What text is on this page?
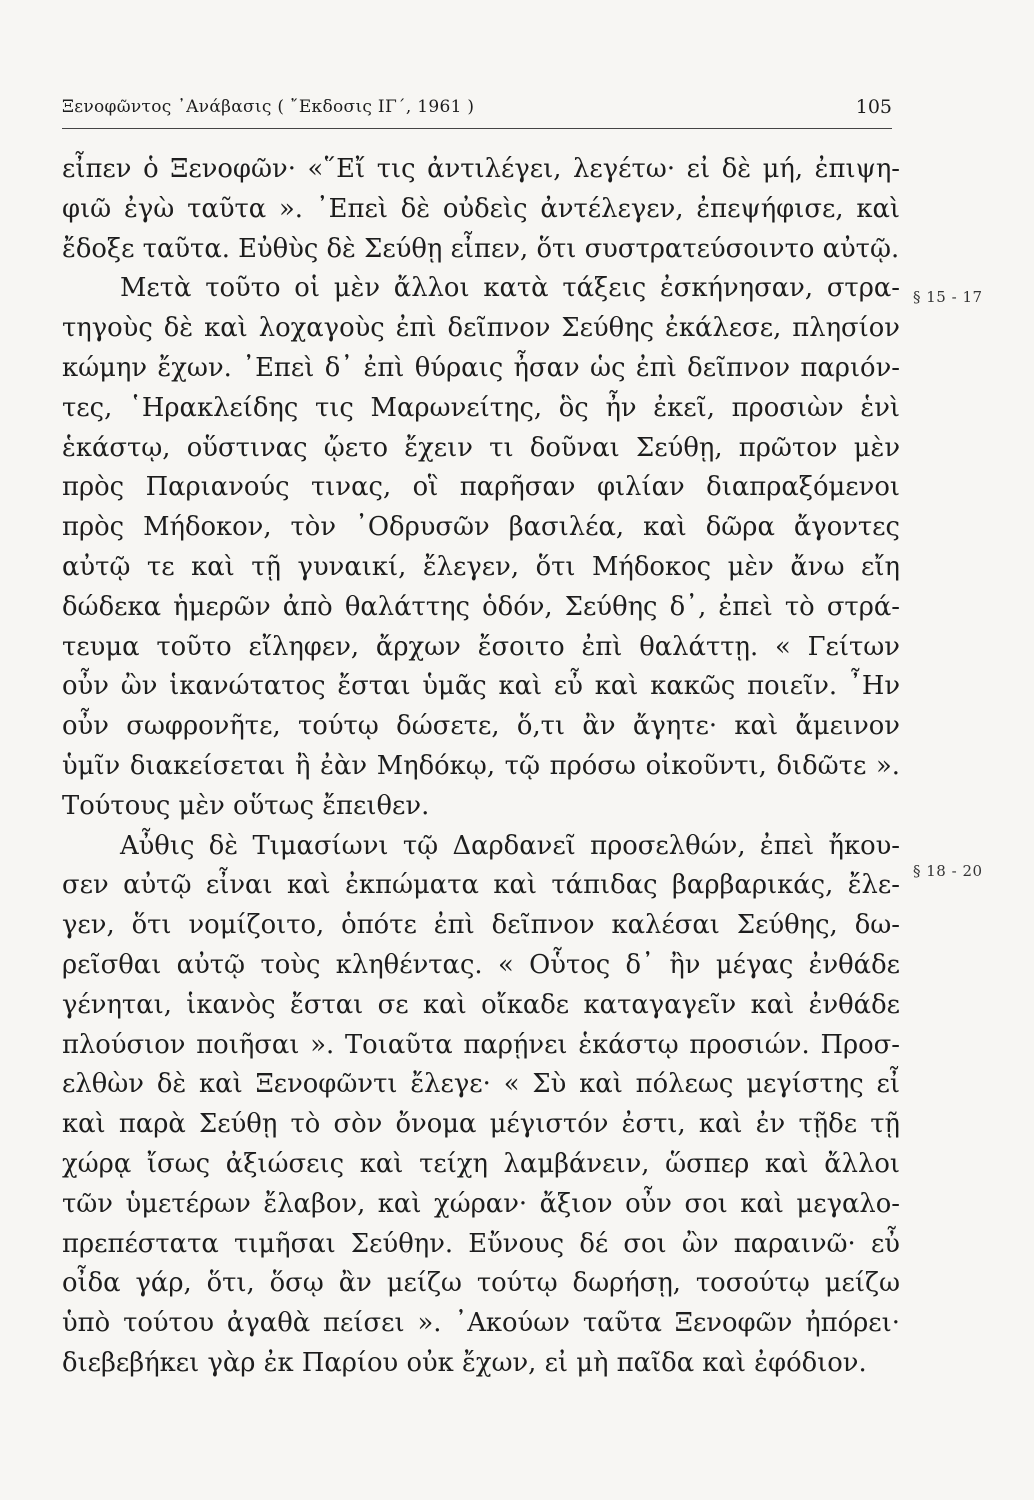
Ξενοφῶντος ᾿Ανάβασις ( ῎Εκδοσις ΙΓ΄, 1961 )	105
εἶπεν ὁ Ξενοφῶν· «῞Εἴ τις ἀντιλέγει, λεγέτω· εἰ δὲ μή, ἐπιψη-
φιῶ ἐγὼ ταῦτα ». ᾿Επεὶ δὲ οὐδεὶς ἀντέλεγεν, ἐπεψήφισε, καὶ
ἔδοξε ταῦτα. Εὐθὺς δὲ Σεύθῃ εἶπεν, ὅτι συστρατεύσοιντο αὐτῷ.
Μετὰ τοῦτο οἱ μὲν ἄλλοι κατὰ τάξεις ἐσκήνησαν, στρα-
τηγοὺς δὲ καὶ λοχαγοὺς ἐπὶ δεῖπνον Σεύθης ἐκάλεσε, πλησίον
κώμην ἔχων. ᾿Επεὶ δ᾿ ἐπὶ θύραις ἦσαν ὡς ἐπὶ δεῖπνον παριόν-
τες, ῾Ηρακλείδης τις Μαρωνείτης, ὃς ἦν ἐκεῖ, προσιὼν ἑνὶ
ἑκάστῳ, οὕστινας ᾤετο ἔχειν τι δοῦναι Σεύθῃ, πρῶτον μὲν
πρὸς Παριανούς τινας, οἳ παρῆσαν φιλίαν διαπραξόμενοι
πρὸς Μήδοκον, τὸν ᾿Οδρυσῶν βασιλέα, καὶ δῶρα ἄγοντες
αὐτῷ τε καὶ τῇ γυναικί, ἔλεγεν, ὅτι Μήδοκος μὲν ἄνω εἴη
δώδεκα ἡμερῶν ἀπὸ θαλάττης ὁδόν, Σεύθης δ᾿, ἐπεὶ τὸ στρά-
τευμα τοῦτο εἴληφεν, ἄρχων ἔσοιτο ἐπὶ θαλάττῃ. « Γείτων
οὖν ὢν ἱκανώτατος ἔσται ὑμᾶς καὶ εὖ καὶ κακῶς ποιεῖν. ῏Ην
οὖν σωφρονῆτε, τούτῳ δώσετε, ὅ,τι ἂν ἄγητε· καὶ ἄμεινον
ὑμῖν διακείσεται ἢ ἐὰν Μηδόκῳ, τῷ πρόσω οἰκοῦντι, διδῶτε ».
Τούτους μὲν οὕτως ἔπειθεν.
Αὖθις δὲ Τιμασίωνι τῷ Δαρδανεῖ προσελθών, ἐπεὶ ἤκου-
σεν αὐτῷ εἶναι καὶ ἐκπώματα καὶ τάπιδας βαρβαρικάς, ἔλε-
γεν, ὅτι νομίζοιτο, ὁπότε ἐπὶ δεῖπνον καλέσαι Σεύθης, δω-
ρεῖσθαι αὐτῷ τοὺς κληθέντας. « Οὗτος δ᾿ ἢν μέγας ἐνθάδε
γένηται, ἱκανὸς ἔσται σε καὶ οἴκαδε καταγαγεῖν καὶ ἐνθάδε
πλούσιον ποιῆσαι ». Τοιαῦτα παρῄνει ἑκάστῳ προσιών. Προσ-
ελθὼν δὲ καὶ Ξενοφῶντι ἔλεγε· « Σὺ καὶ πόλεως μεγίστης εἶ
καὶ παρὰ Σεύθῃ τὸ σὸν ὄνομα μέγιστόν ἐστι, καὶ ἐν τῇδε τῇ
χώρᾳ ἴσως ἀξιώσεις καὶ τείχη λαμβάνειν, ὥσπερ καὶ ἄλλοι
τῶν ὑμετέρων ἔλαβον, καὶ χώραν· ἄξιον οὖν σοι καὶ μεγαλο-
πρεπέστατα τιμῆσαι Σεύθην. Εὔνους δέ σοι ὢν παραινῶ· εὖ
οἶδα γάρ, ὅτι, ὅσῳ ἂν μείζω τούτῳ δωρήσῃ, τοσούτῳ μείζω
ὑπὸ τούτου ἀγαθὰ πείσει ». ᾿Ακούων ταῦτα Ξενοφῶν ἠπόρει·
διεβεβήκει γὰρ ἐκ Παρίου οὐκ ἔχων, εἰ μὴ παῖδα καὶ ἐφόδιον.
§ 15 - 17
§ 18 - 20
